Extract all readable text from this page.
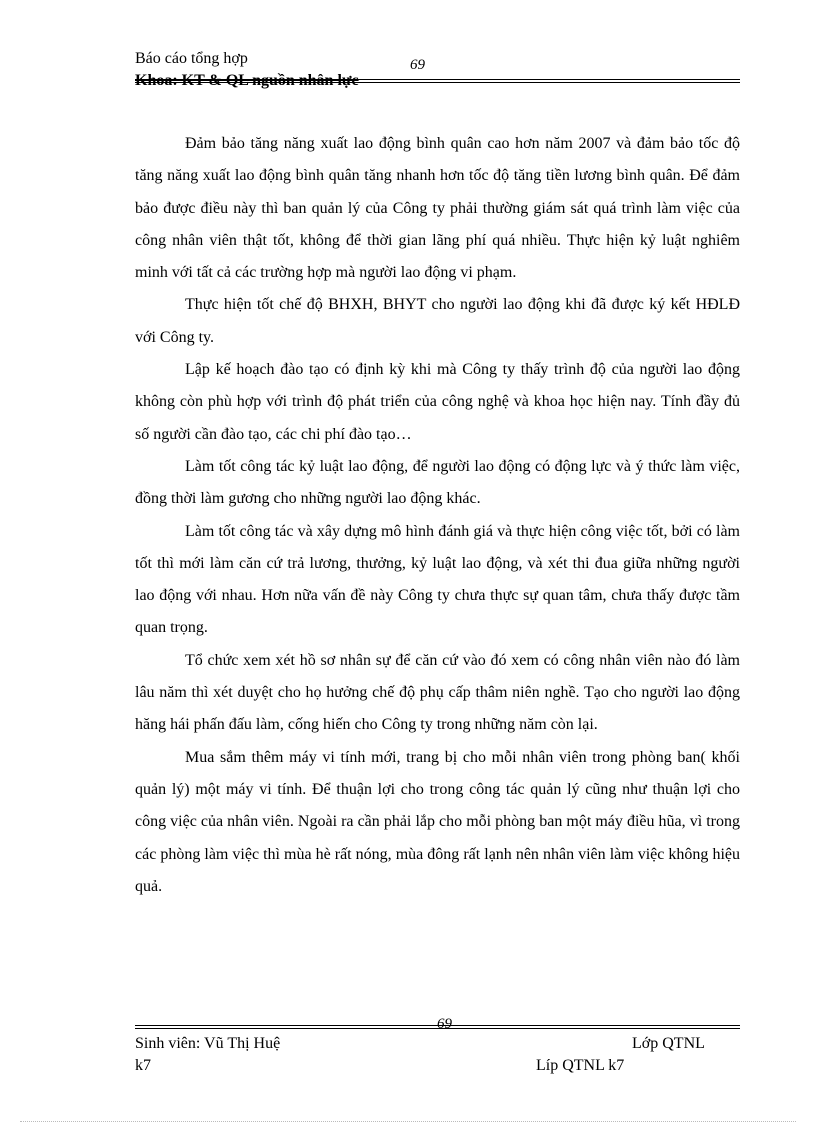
Báo cáo tổng hợp	69
Khoa: KT & QL nguồn nhân lực

Đảm bảo tăng năng xuất lao động bình quân cao hơn năm 2007 và đảm bảo tốc độ tăng năng xuất lao động bình quân tăng nhanh hơn tốc độ tăng tiền lương bình quân. Để đảm bảo được điều này thì ban quản lý của Công ty phải thường giám sát quá trình làm việc của công nhân viên thật tốt, không để thời gian lãng phí quá nhiều. Thực hiện kỷ luật nghiêm minh với tất cả các trường hợp mà người lao động vi phạm.

Thực hiện tốt chế độ BHXH, BHYT cho người lao động khi đã được ký kết HĐLĐ với Công ty.

Lập kế hoạch đào tạo có định kỳ khi mà Công ty thấy trình độ của người lao động không còn phù hợp với trình độ phát triển của công nghệ và khoa học hiện nay. Tính đầy đủ số người cần đào tạo, các chi phí đào tạo…

Làm tốt công tác kỷ luật lao động, để người lao động có động lực và ý thức làm việc, đồng thời làm gương cho những người lao động khác.

Làm tốt công tác và xây dựng mô hình đánh giá và thực hiện công việc tốt, bởi có làm tốt thì mới làm căn cứ trả lương, thưởng, kỷ luật lao động, và xét thi đua giữa những người lao động với nhau. Hơn nữa vấn đề này Công ty chưa thực sự quan tâm, chưa thấy được tầm quan trọng.

Tổ chức xem xét hồ sơ nhân sự để căn cứ vào đó xem có công nhân viên nào đó làm lâu năm thì xét duyệt cho họ hưởng chế độ phụ cấp thâm niên nghề. Tạo cho người lao động hăng hái phấn đấu làm, cống hiến cho Công ty trong những năm còn lại.

Mua sắm thêm máy vi tính mới, trang bị cho mỗi nhân viên trong phòng ban( khối quản lý) một máy vi tính. Để thuận lợi cho trong công tác quản lý cũng như thuận lợi cho công việc của nhân viên. Ngoài ra cần phải lắp cho mỗi phòng ban một máy điều hũa, vì trong các phòng làm việc thì mùa hè rất nóng, mùa đông rất lạnh nên nhân viên làm việc không hiệu quả.

69
Sinh viên: Vũ Thị Huệ	Lớp QTNL
k7	Líp QTNL k7
